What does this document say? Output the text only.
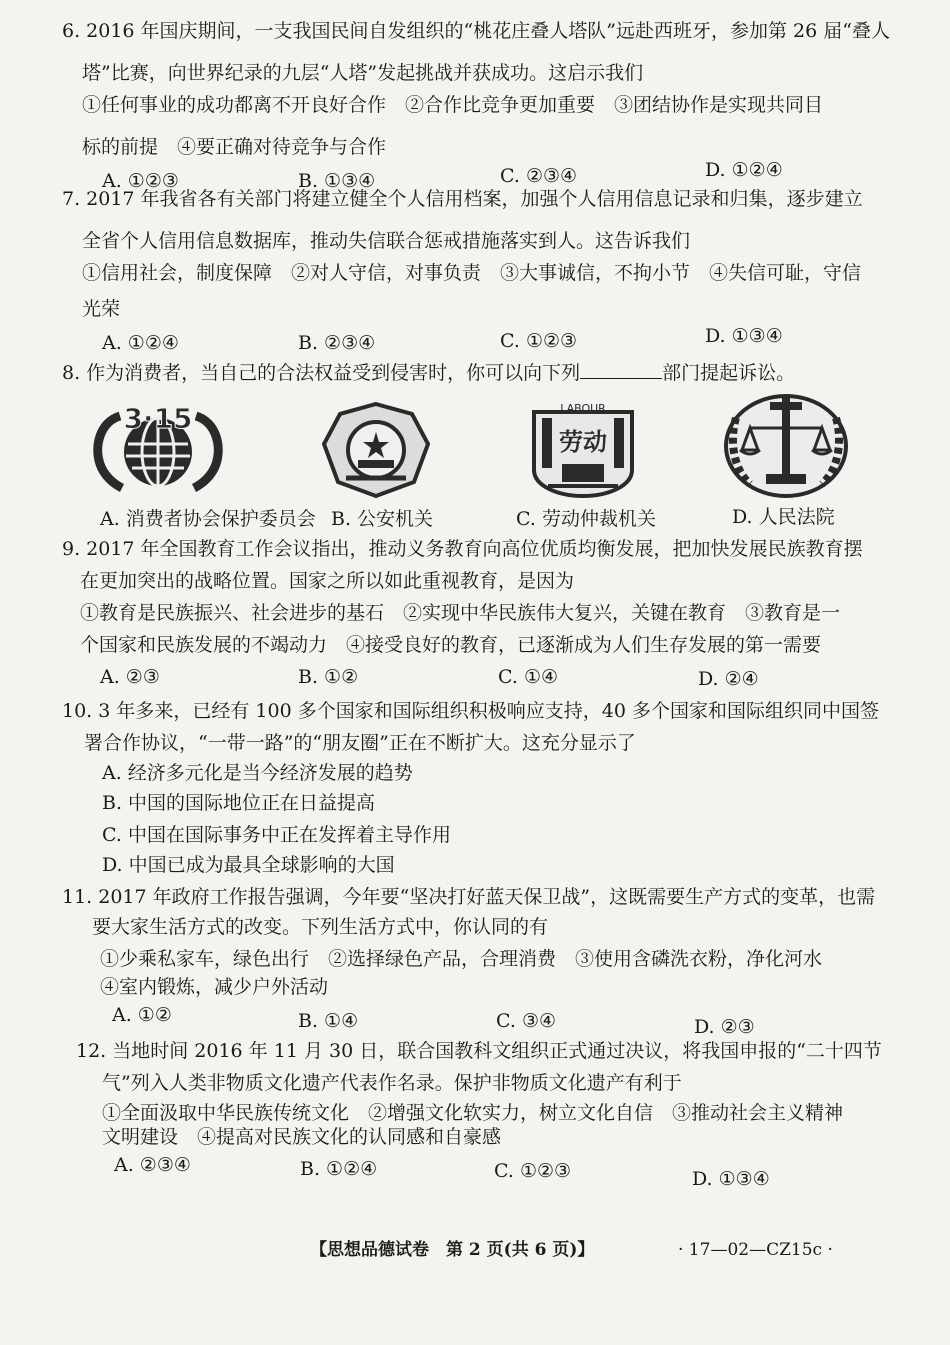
6. 2016 年国庆期间，一支我国民间自发组织的“桃花庄叠人塔队”远赴西班牙，参加第 26 届“叠人
塔”比赛，向世界纪录的九层“人塔”发起挑战并获成功。这启示我们
①任何事业的成功都离不开良好合作　②合作比竞争更加重要　③团结协作是实现共同目
标的前提　④要正确对待竞争与合作
A. ①②③	B. ①③④	C. ②③④	D. ①②④
7. 2017 年我省各有关部门将建立健全个人信用档案，加强个人信用信息记录和归集，逐步建立
全省个人信用信息数据库，推动失信联合惩戒措施落实到人。这告诉我们
①信用社会，制度保障　②对人守信，对事负责　③大事诚信，不拘小节　④失信可耻，守信
光荣
A. ①②④	B. ②③④	C. ①②③	D. ①③④
8. 作为消费者，当自己的合法权益受到侵害时，你可以向下列	部门提起诉讼。
3·15	LABOUR
劳动
A. 消费者协会保护委员会 B. 公安机关	C. 劳动仲裁机关	D. 人民法院
9. 2017 年全国教育工作会议指出，推动义务教育向高位优质均衡发展，把加快发展民族教育摆
在更加突出的战略位置。国家之所以如此重视教育，是因为
①教育是民族振兴、社会进步的基石　②实现中华民族伟大复兴，关键在教育　③教育是一
个国家和民族发展的不竭动力　④接受良好的教育，已逐渐成为人们生存发展的第一需要
A. ②③	B. ①②	C. ①④	D. ②④
10. 3 年多来，已经有 100 多个国家和国际组织积极响应支持，40 多个国家和国际组织同中国签
署合作协议，“一带一路”的“朋友圈”正在不断扩大。这充分显示了
A. 经济多元化是当今经济发展的趋势
B. 中国的国际地位正在日益提高
C. 中国在国际事务中正在发挥着主导作用
D. 中国已成为最具全球影响的大国
11. 2017 年政府工作报告强调，今年要“坚决打好蓝天保卫战”，这既需要生产方式的变革，也需
要大家生活方式的改变。下列生活方式中，你认同的有
①少乘私家车，绿色出行　②选择绿色产品，合理消费　③使用含磷洗衣粉，净化河水
④室内锻炼，减少户外活动
A. ①②	B. ①④	C. ③④	D. ②③
12. 当地时间 2016 年 11 月 30 日，联合国教科文组织正式通过决议，将我国申报的“二十四节
气”列入人类非物质文化遗产代表作名录。保护非物质文化遗产有利于
①全面汲取中华民族传统文化　②增强文化软实力，树立文化自信　③推动社会主义精神
文明建设　④提高对民族文化的认同感和自豪感
A. ②③④	B. ①②④	C. ①②③	D. ①③④
【思想品德试卷　第 2 页(共 6 页)】	· 17—02—CZ15c ·
